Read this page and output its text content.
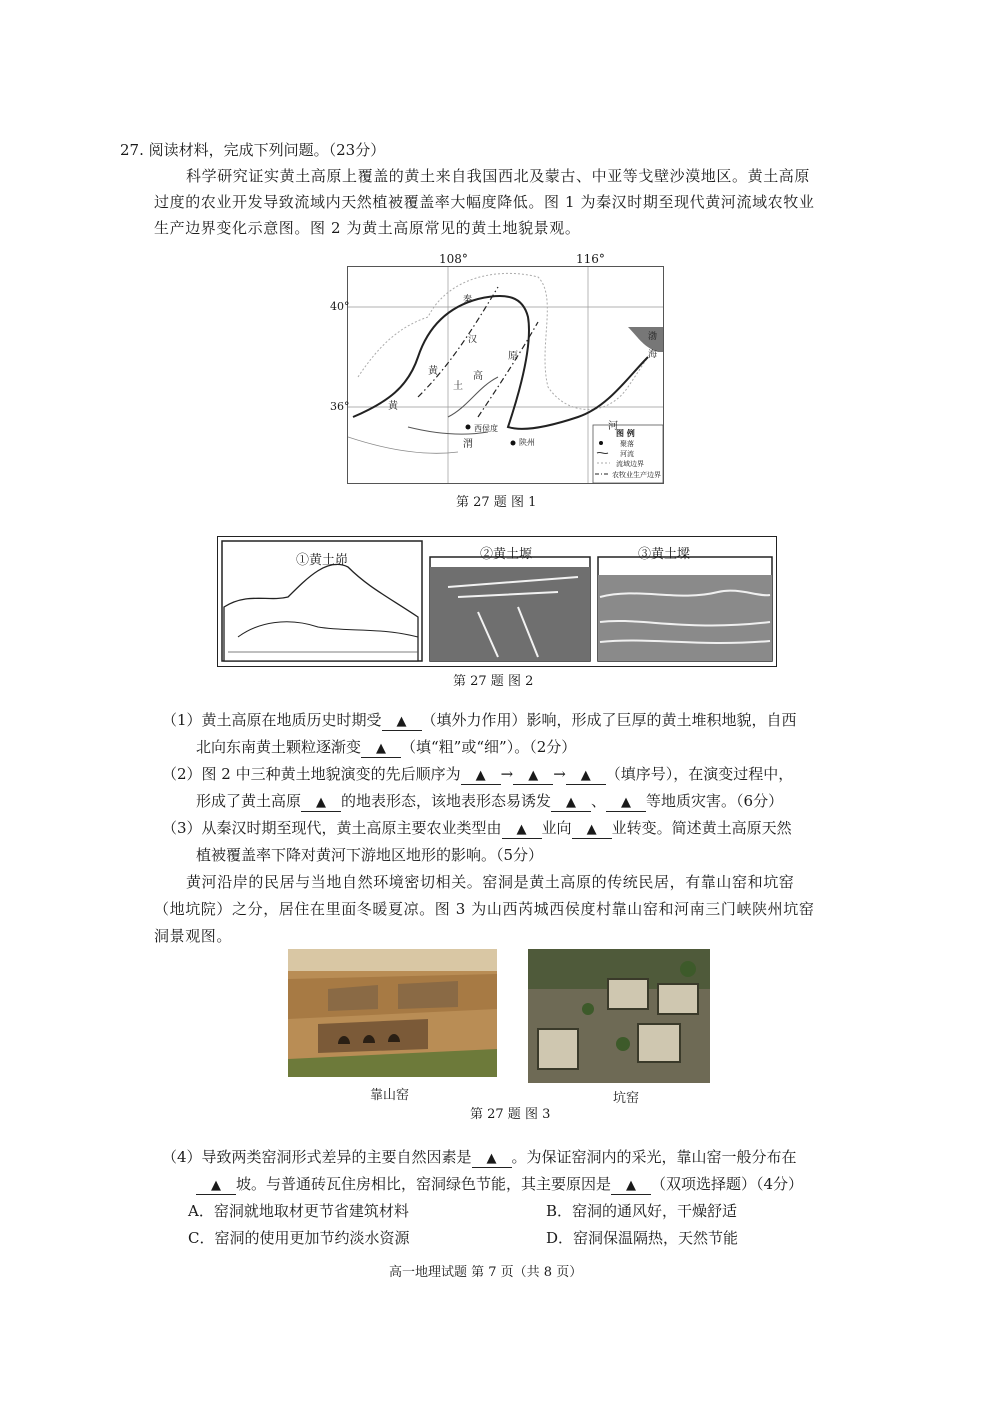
27. 阅读材料，完成下列问题。（23分）
科学研究证实黄土高原上覆盖的黄土来自我国西北及蒙古、中亚等戈壁沙漠地区。黄土高原
过度的农业开发导致流域内天然植被覆盖率大幅度降低。图 1 为秦汉时期至现代黄河流域农牧业
生产边界变化示意图。图 2 为黄土高原常见的黄土地貌景观。
108°	116°
40°
36°
黄
土
高
原
黄
河
渤
海
秦
汉
渭
西侯度
陕州
图 例
聚落
河流
流域边界
农牧业生产边界
第 27 题 图 1
①黄土峁	②黄土塬	③黄土墚
第 27 题 图 2
（1）黄土高原在地质历史时期受 ▲ （填外力作用）影响，形成了巨厚的黄土堆积地貌，自西
北向东南黄土颗粒逐渐变 ▲ （填“粗”或“细”）。（2分）
（2）图 2 中三种黄土地貌演变的先后顺序为 ▲ → ▲ → ▲ （填序号），在演变过程中，
形成了黄土高原 ▲ 的地表形态，该地表形态易诱发 ▲ 、 ▲ 等地质灾害。（6分）
（3）从秦汉时期至现代，黄土高原主要农业类型由 ▲ 业向 ▲ 业转变。简述黄土高原天然
植被覆盖率下降对黄河下游地区地形的影响。（5分）
黄河沿岸的民居与当地自然环境密切相关。窑洞是黄土高原的传统民居，有靠山窑和坑窑
（地坑院）之分，居住在里面冬暖夏凉。图 3 为山西芮城西侯度村靠山窑和河南三门峡陕州坑窑
洞景观图。
靠山窑	坑窑
第 27 题 图 3
（4）导致两类窑洞形式差异的主要自然因素是 ▲ 。为保证窑洞内的采光，靠山窑一般分布在
▲ 坡。与普通砖瓦住房相比，窑洞绿色节能，其主要原因是 ▲ （双项选择题）（4分）
A．窑洞就地取材更节省建筑材料	B．窑洞的通风好，干燥舒适
C．窑洞的使用更加节约淡水资源	D．窑洞保温隔热，天然节能
高一地理试题 第 7 页（共 8 页）
